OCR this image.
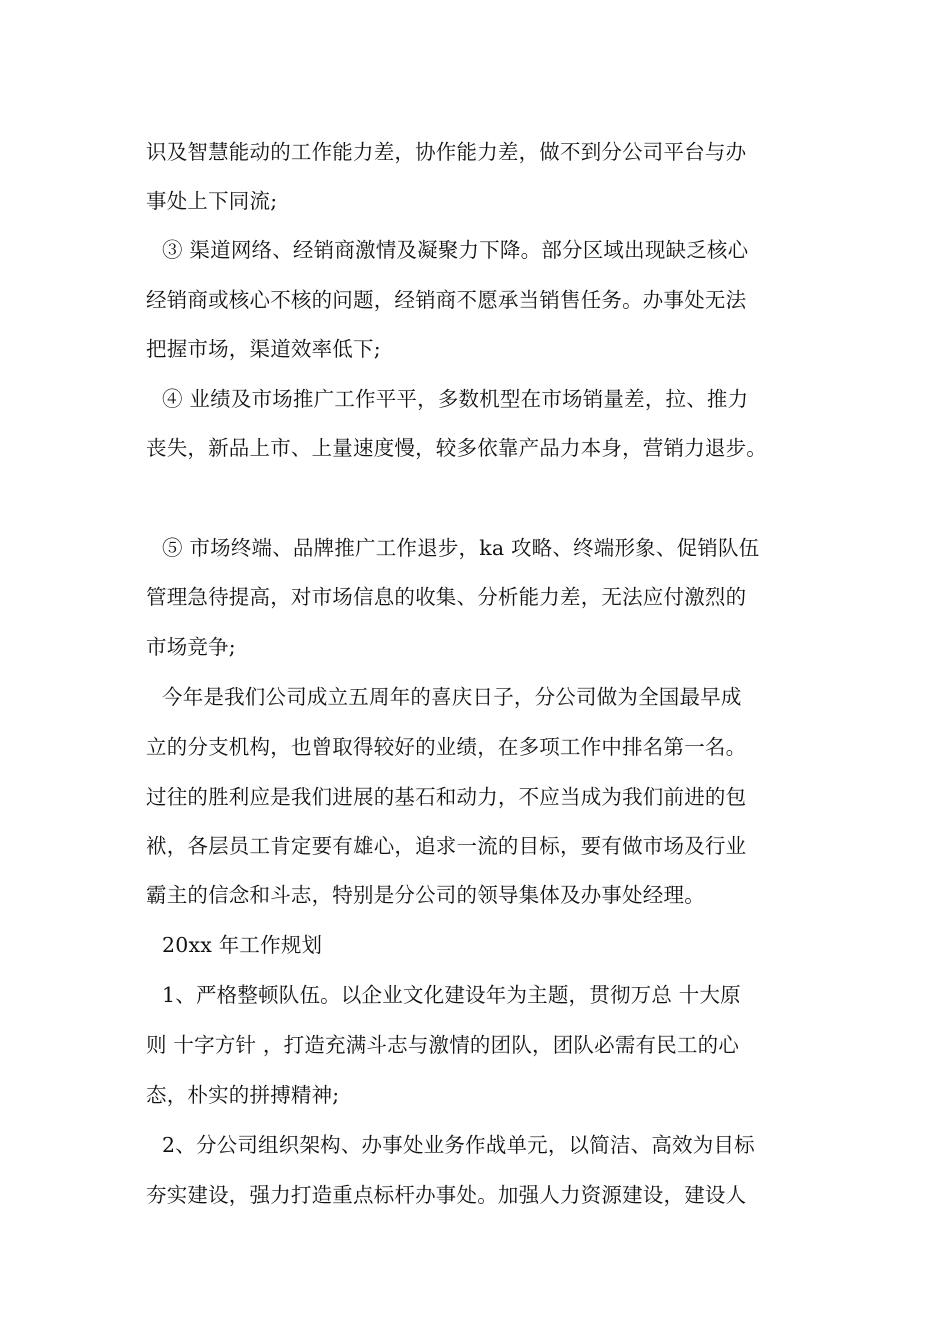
识及智慧能动的工作能力差，协作能力差，做不到分公司平台与办
事处上下同流;
③ 渠道网络、经销商激情及凝聚力下降。部分区域出现缺乏核心
经销商或核心不核的问题，经销商不愿承当销售任务。办事处无法
把握市场，渠道效率低下;
④ 业绩及市场推广工作平平，多数机型在市场销量差，拉、推力
丧失，新品上市、上量速度慢，较多依靠产品力本身，营销力退步。
⑤ 市场终端、品牌推广工作退步，ka 攻略、终端形象、促销队伍
管理急待提高，对市场信息的收集、分析能力差，无法应付激烈的
市场竞争;
今年是我们公司成立五周年的喜庆日子，分公司做为全国最早成
立的分支机构，也曾取得较好的业绩，在多项工作中排名第一名。
过往的胜利应是我们进展的基石和动力，不应当成为我们前进的包
袱，各层员工肯定要有雄心，追求一流的目标，要有做市场及行业
霸主的信念和斗志，特别是分公司的领导集体及办事处经理。
20xx 年工作规划
1、严格整顿队伍。以企业文化建设年为主题，贯彻万总 十大原
则 十字方针 ，打造充满斗志与激情的团队，团队必需有民工的心
态，朴实的拼搏精神;
2、分公司组织架构、办事处业务作战单元，以简洁、高效为目标
夯实建设，强力打造重点标杆办事处。加强人力资源建设，建设人
